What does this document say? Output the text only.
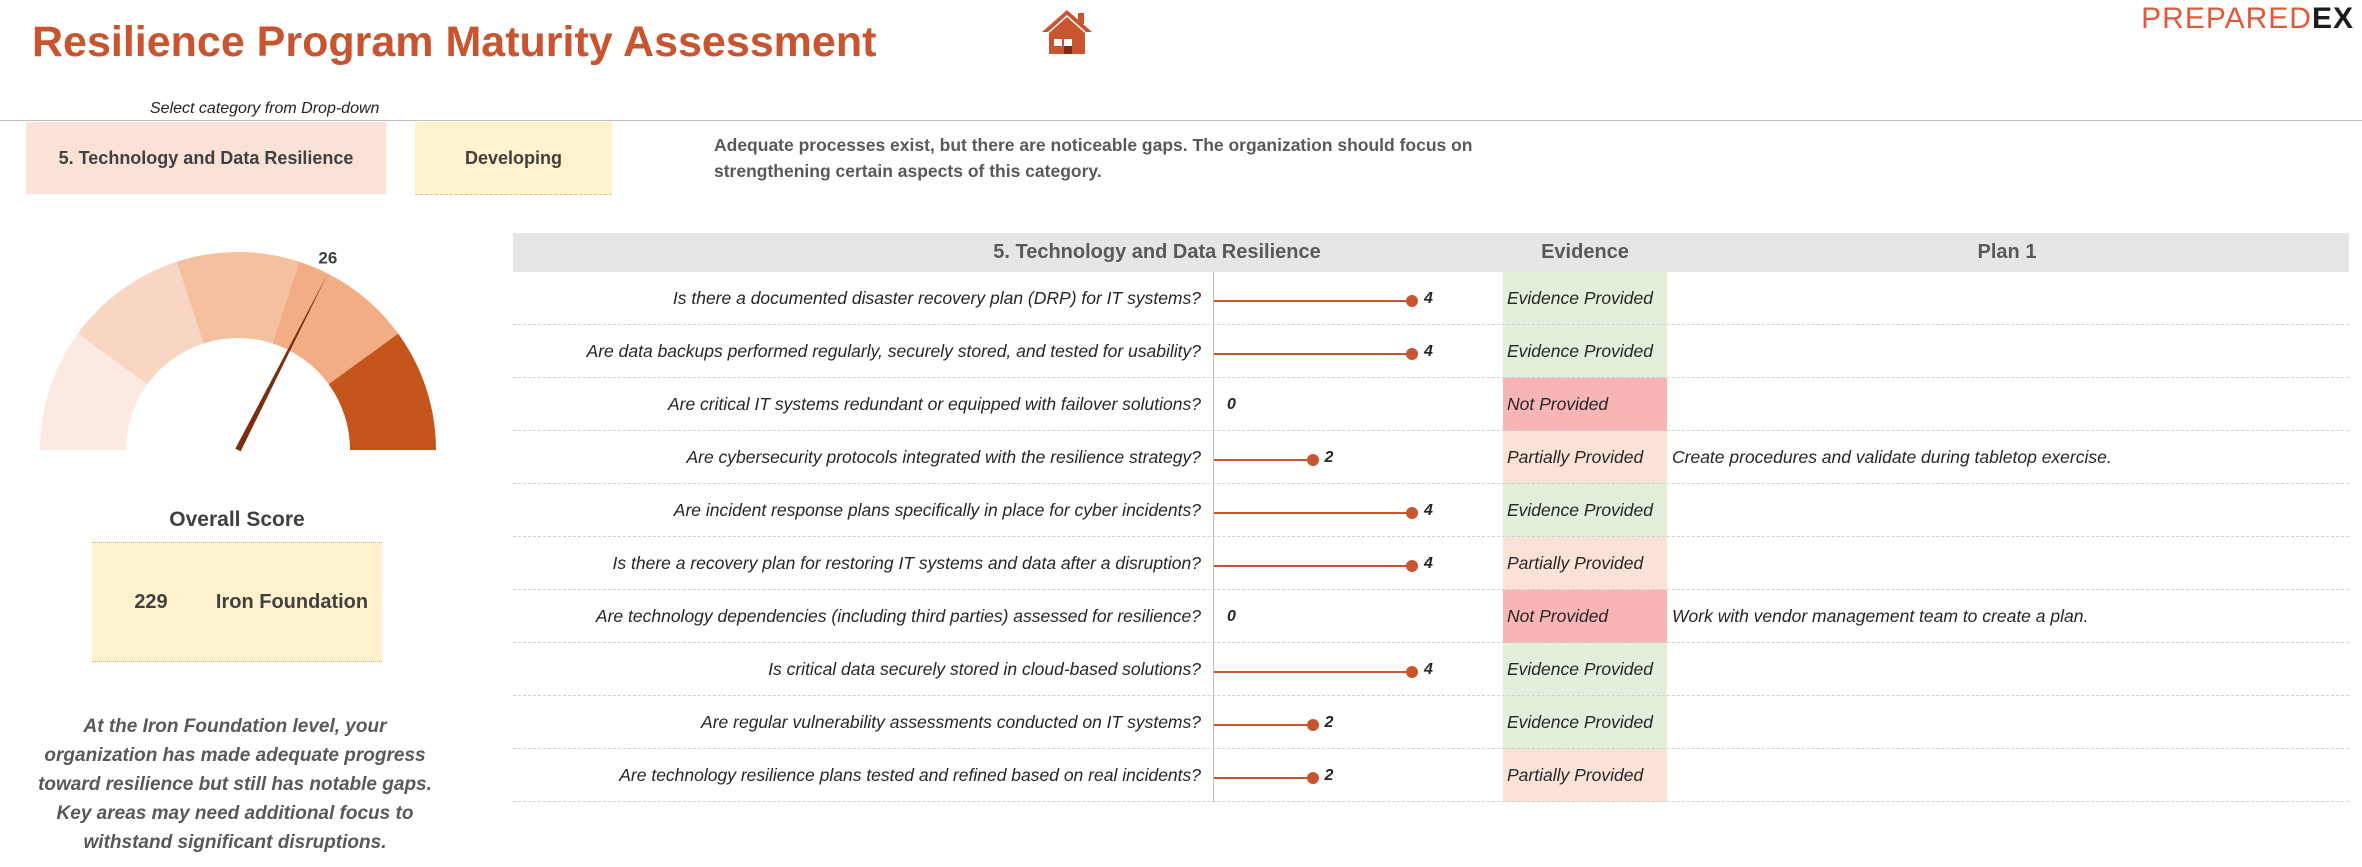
Resilience Program Maturity Assessment	PREPAREDEX
Select category from Drop-down
5. Technology and Data Resilience	Developing
Adequate processes exist, but there are noticeable gaps. The organization should focus on strengthening certain aspects of this category.
26
Overall Score
229	Iron Foundation
At the Iron Foundation level, your organization has made adequate progress toward resilience but still has notable gaps. Key areas may need additional focus to withstand significant disruptions.
5. Technology and Data Resilience	Evidence	Plan 1
Is there a documented disaster recovery plan (DRP) for IT systems?	4	Evidence Provided
Are data backups performed regularly, securely stored, and tested for usability?	4	Evidence Provided
Are critical IT systems redundant or equipped with failover solutions? 0	Not Provided
Are cybersecurity protocols integrated with the resilience strategy?	2	Partially Provided	Create procedures and validate during tabletop exercise.
Are incident response plans specifically in place for cyber incidents?	4	Evidence Provided
Is there a recovery plan for restoring IT systems and data after a disruption?	4	Partially Provided
Are technology dependencies (including third parties) assessed for resilience? 0	Not Provided	Work with vendor management team to create a plan.
Is critical data securely stored in cloud-based solutions?	4	Evidence Provided
Are regular vulnerability assessments conducted on IT systems?	2	Evidence Provided
Are technology resilience plans tested and refined based on real incidents?	2	Partially Provided
